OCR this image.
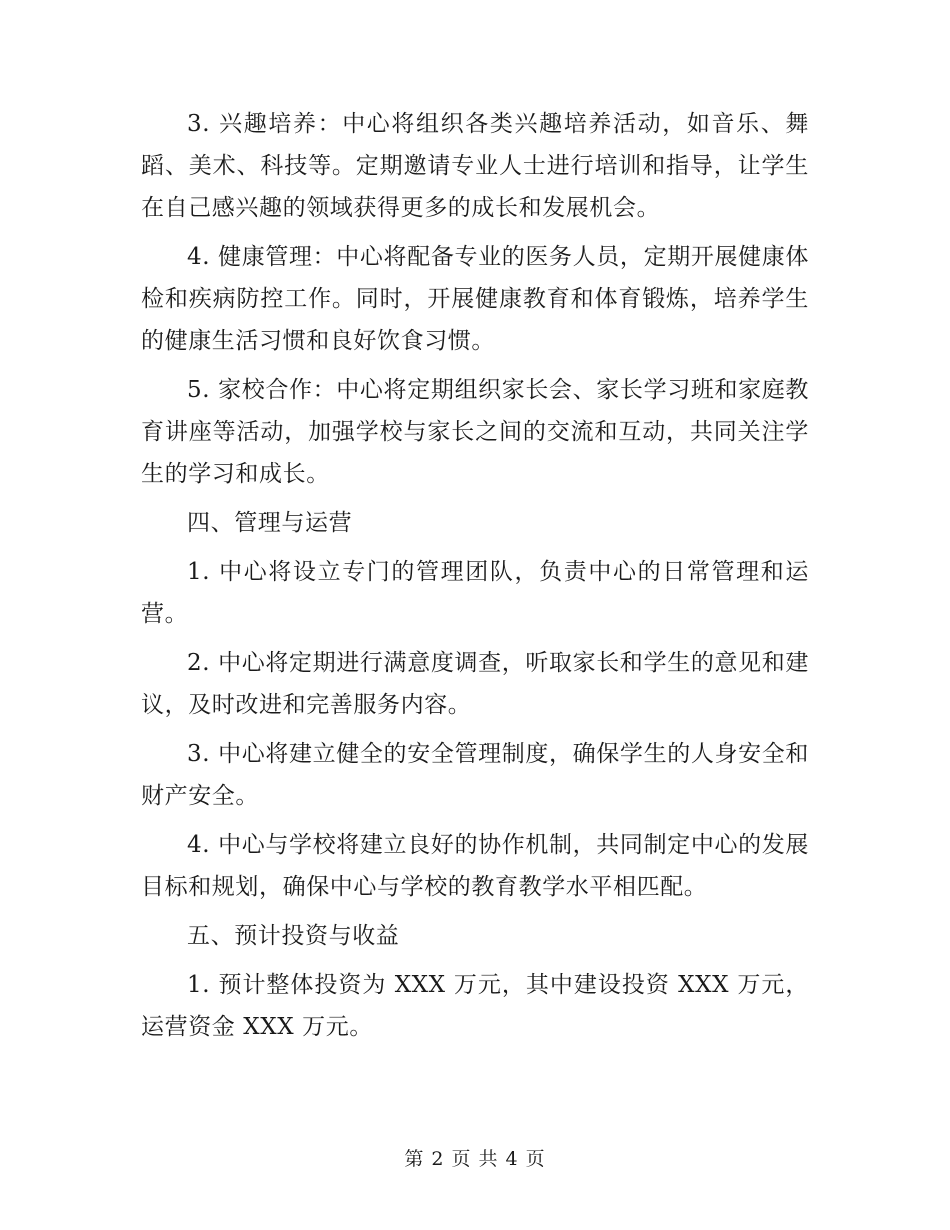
3. 兴趣培养：中心将组织各类兴趣培养活动，如音乐、舞蹈、美术、科技等。定期邀请专业人士进行培训和指导，让学生在自己感兴趣的领域获得更多的成长和发展机会。

4. 健康管理：中心将配备专业的医务人员，定期开展健康体检和疾病防控工作。同时，开展健康教育和体育锻炼，培养学生的健康生活习惯和良好饮食习惯。

5. 家校合作：中心将定期组织家长会、家长学习班和家庭教育讲座等活动，加强学校与家长之间的交流和互动，共同关注学生的学习和成长。

四、管理与运营

1. 中心将设立专门的管理团队，负责中心的日常管理和运营。

2. 中心将定期进行满意度调查，听取家长和学生的意见和建议，及时改进和完善服务内容。

3. 中心将建立健全的安全管理制度，确保学生的人身安全和财产安全。

4. 中心与学校将建立良好的协作机制，共同制定中心的发展目标和规划，确保中心与学校的教育教学水平相匹配。

五、预计投资与收益

1. 预计整体投资为 XXX 万元，其中建设投资 XXX 万元，运营资金 XXX 万元。

第 2 页 共 4 页
